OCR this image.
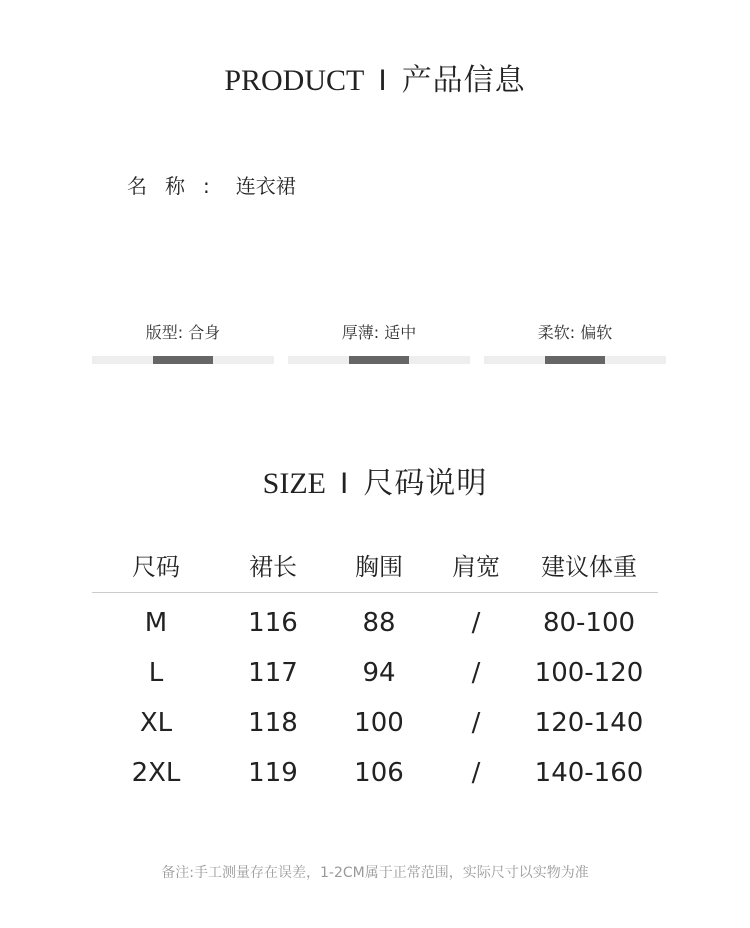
PRODUCT I 产品信息
名称: 连衣裙
版型: 合身	厚薄: 适中	柔软: 偏软
SIZE I 尺码说明
尺码	裙长	胸围	肩宽	建议体重
M	116	88	/	80-100
L	117	94	/	100-120
XL	118	100	/	120-140
2XL	119	106	/	140-160
备注:手工测量存在误差，1-2CM属于正常范围，实际尺寸以实物为准
